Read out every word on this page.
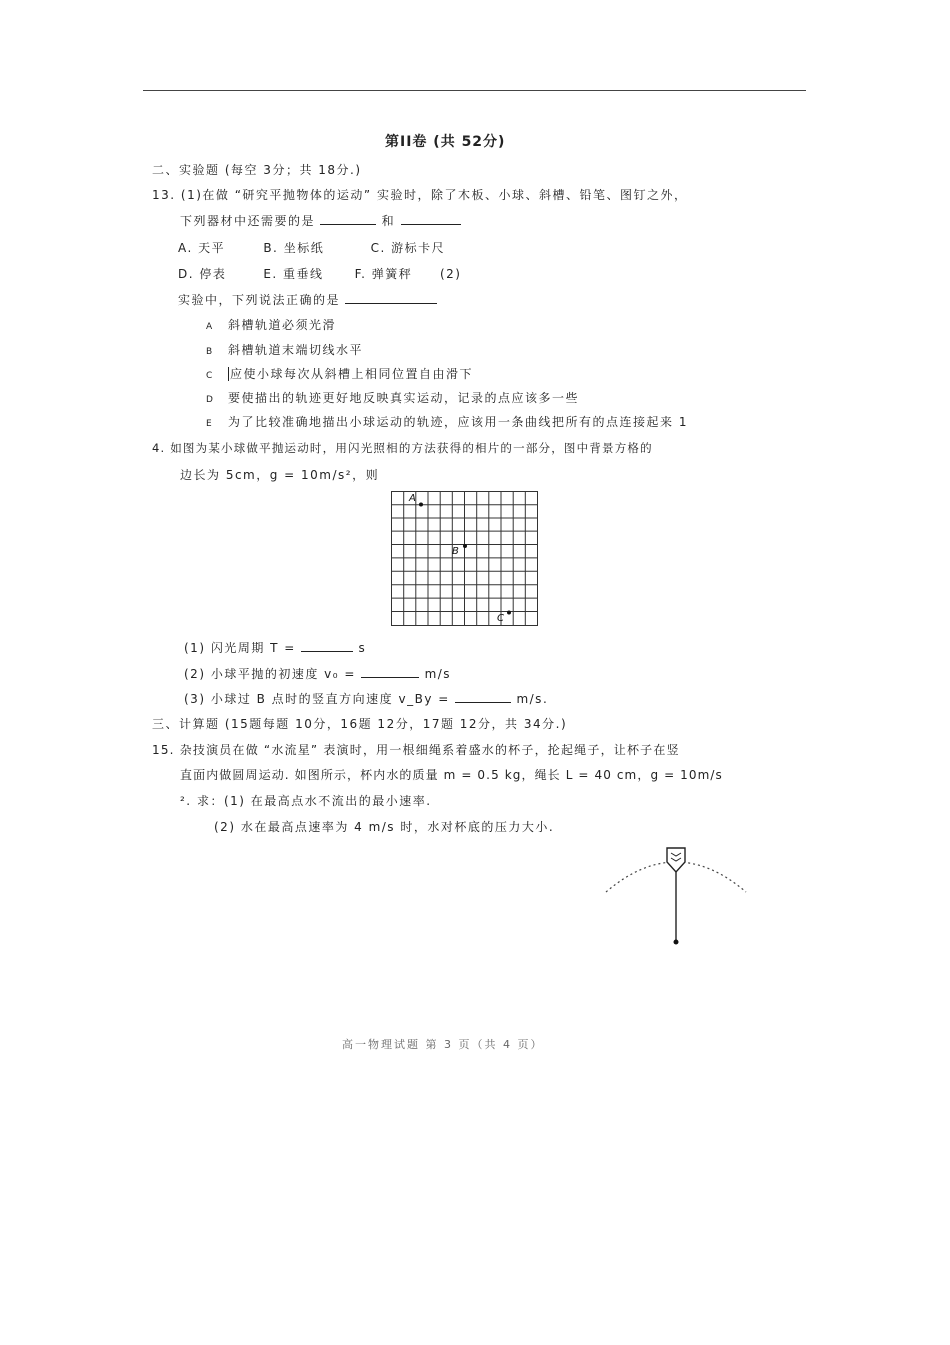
第II卷 (共 52分)
二、实验题 (每空 3分；共 18分.)
13. (1)在做 “研究平抛物体的运动” 实验时，除了木板、小球、斜槽、铅笔、图钉之外，
下列器材中还需要的是	和
A. 天平	B. 坐标纸	C. 游标卡尺
D. 停表	E. 重垂线	F. 弹簧秤 (2)
实验中，下列说法正确的是
A 斜槽轨道必须光滑
B 斜槽轨道末端切线水平
C 应使小球每次从斜槽上相同位置自由滑下
D 要使描出的轨迹更好地反映真实运动，记录的点应该多一些
E 为了比较准确地描出小球运动的轨迹，应该用一条曲线把所有的点连接起来 1
4. 如图为某小球做平抛运动时，用闪光照相的方法获得的相片的一部分，图中背景方格的
边长为 5cm，g = 10m/s²，则
A
B
C
(1) 闪光周期 T =	s
(2) 小球平抛的初速度 v₀ =	m/s
(3) 小球过 B 点时的竖直方向速度 v_By =	m/s.
三、计算题 (15题每题 10分，16题 12分，17题 12分，共 34分.)
15. 杂技演员在做 “水流星” 表演时，用一根细绳系着盛水的杯子，抡起绳子，让杯子在竖
直面内做圆周运动. 如图所示，杯内水的质量 m = 0.5 kg，绳长 L = 40 cm，g = 10m/s
². 求：(1) 在最高点水不流出的最小速率.
(2) 水在最高点速率为 4 m/s 时，水对杯底的压力大小.
高一物理试题 第 3 页（共 4 页）
